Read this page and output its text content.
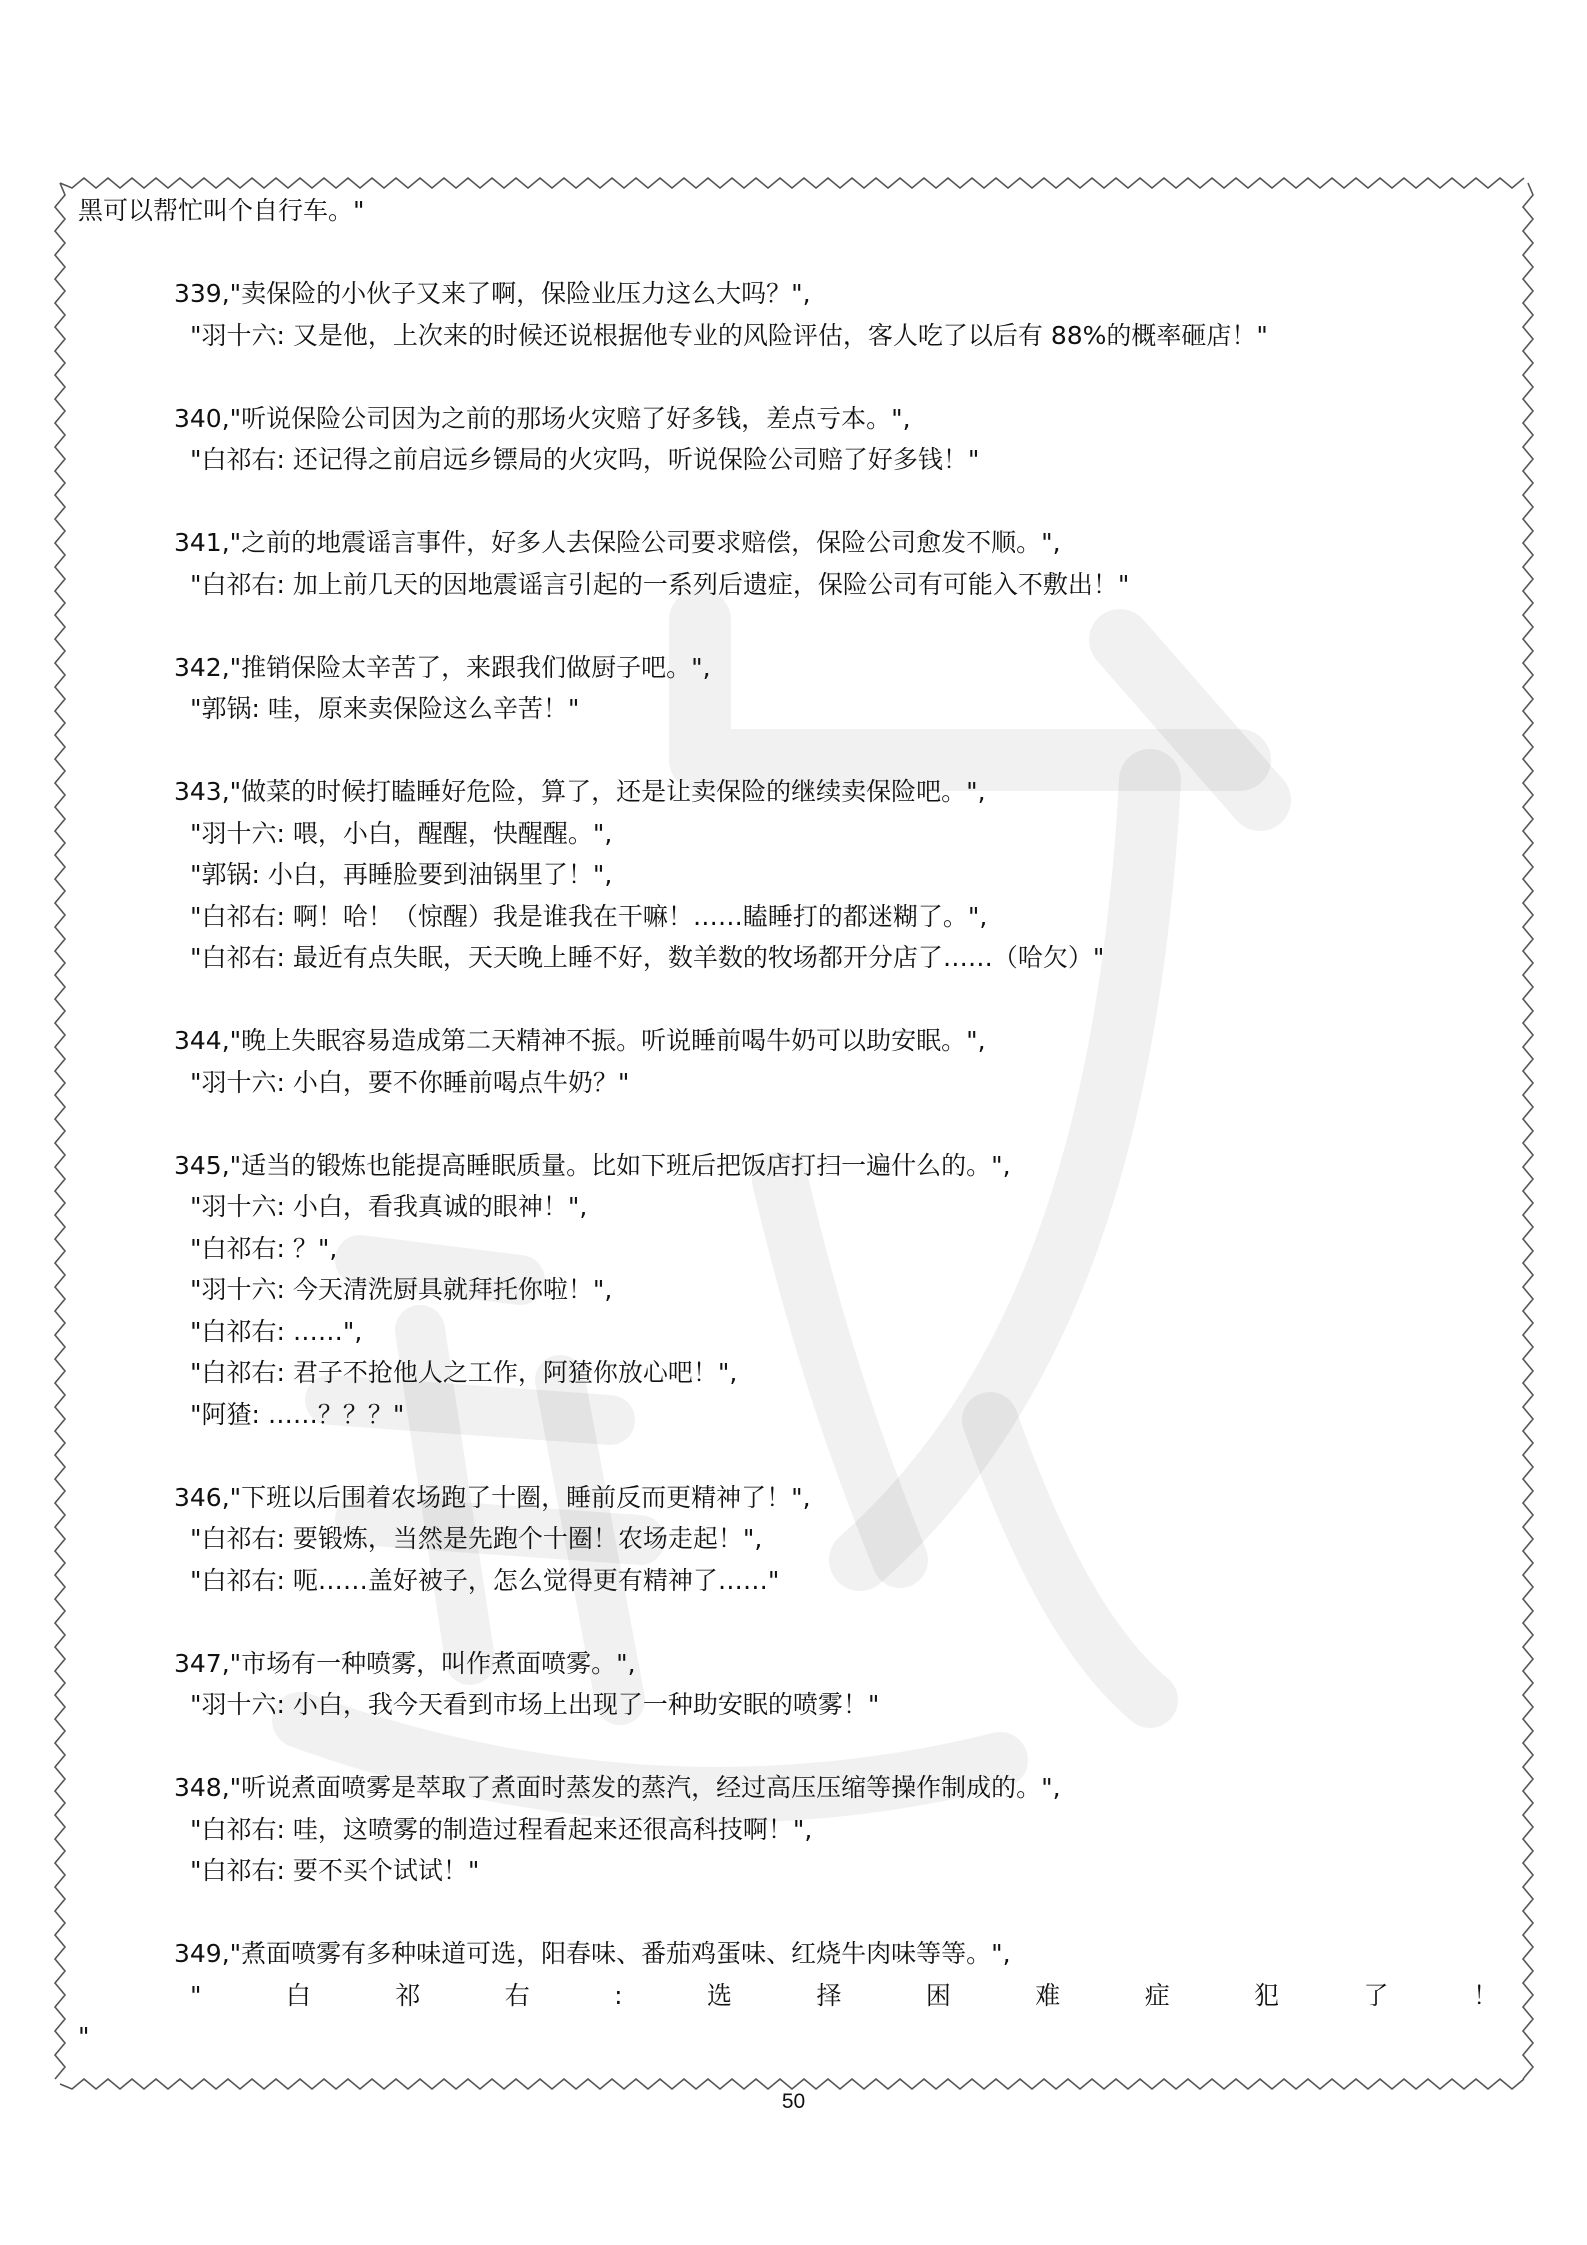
黑可以帮忙叫个自行车。"
339,"卖保险的小伙子又来了啊，保险业压力这么大吗？",
"羽十六: 又是他，上次来的时候还说根据他专业的风险评估，客人吃了以后有 88%的概率砸店！"
340,"听说保险公司因为之前的那场火灾赔了好多钱，差点亏本。",
"白祁右: 还记得之前启远乡镖局的火灾吗，听说保险公司赔了好多钱！"
341,"之前的地震谣言事件，好多人去保险公司要求赔偿，保险公司愈发不顺。",
"白祁右: 加上前几天的因地震谣言引起的一系列后遗症，保险公司有可能入不敷出！"
342,"推销保险太辛苦了，来跟我们做厨子吧。",
"郭锅: 哇，原来卖保险这么辛苦！"
343,"做菜的时候打瞌睡好危险，算了，还是让卖保险的继续卖保险吧。",
"羽十六: 喂，小白，醒醒，快醒醒。",
"郭锅: 小白，再睡脸要到油锅里了！",
"白祁右: 啊！哈！（惊醒）我是谁我在干嘛！……瞌睡打的都迷糊了。",
"白祁右: 最近有点失眠，天天晚上睡不好，数羊数的牧场都开分店了……（哈欠）"
344,"晚上失眠容易造成第二天精神不振。听说睡前喝牛奶可以助安眠。",
"羽十六: 小白，要不你睡前喝点牛奶？"
345,"适当的锻炼也能提高睡眠质量。比如下班后把饭店打扫一遍什么的。",
"羽十六: 小白，看我真诚的眼神！",
"白祁右: ？",
"羽十六: 今天清洗厨具就拜托你啦！",
"白祁右: ……",
"白祁右: 君子不抢他人之工作，阿猹你放心吧！",
"阿猹: ……？？？"
346,"下班以后围着农场跑了十圈，睡前反而更精神了！",
"白祁右: 要锻炼，当然是先跑个十圈！农场走起！",
"白祁右: 呃……盖好被子，怎么觉得更有精神了……"
347,"市场有一种喷雾，叫作煮面喷雾。",
"羽十六: 小白，我今天看到市场上出现了一种助安眠的喷雾！"
348,"听说煮面喷雾是萃取了煮面时蒸发的蒸汽，经过高压压缩等操作制成的。",
"白祁右: 哇，这喷雾的制造过程看起来还很高科技啊！",
"白祁右: 要不买个试试！"
349,"煮面喷雾有多种味道可选，阳春味、番茄鸡蛋味、红烧牛肉味等等。",
"	白	祁	右	:	选	择	困	难	症	犯	了	！
"
50
